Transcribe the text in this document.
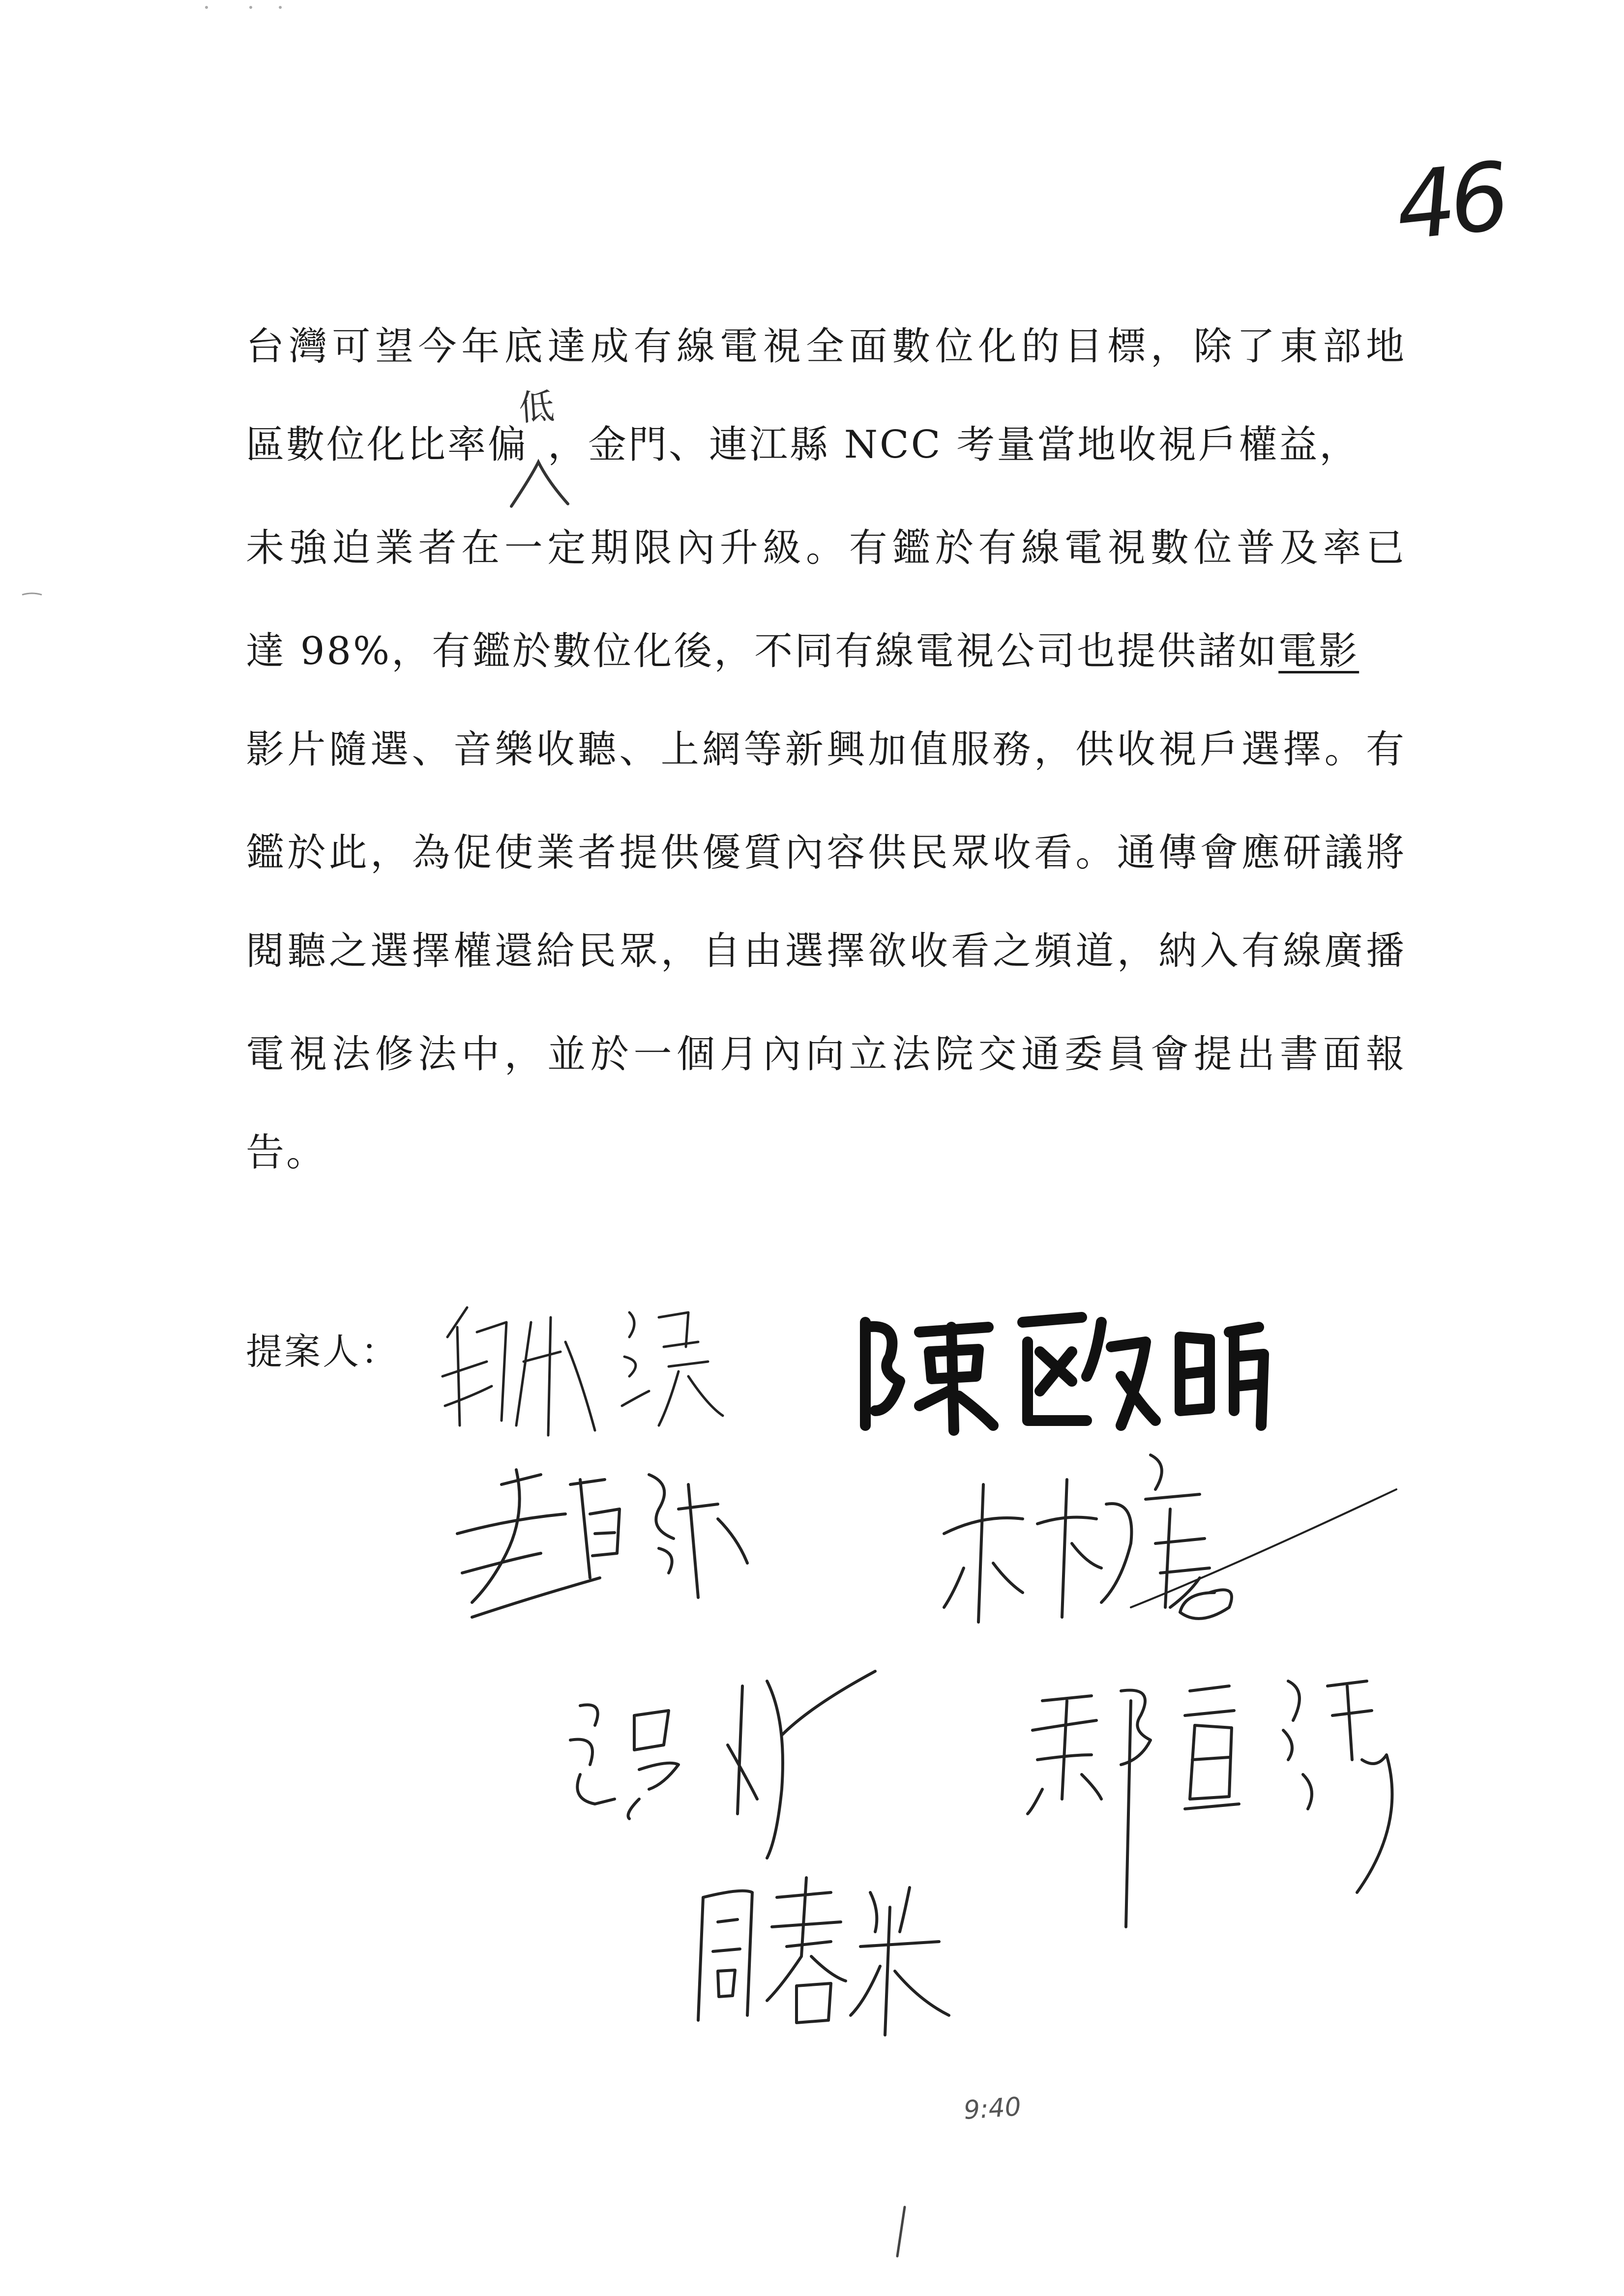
46
台灣可望今年底達成有線電視全面數位化的目標，除了東部地
區數位化比率偏 ，金門、連江縣 NCC 考量當地收視戶權益，
低
未強迫業者在一定期限內升級。有鑑於有線電視數位普及率已
達 98%，有鑑於數位化後，不同有線電視公司也提供諸如電影
影片隨選、音樂收聽、上網等新興加值服務，供收視戶選擇。有
鑑於此，為促使業者提供優質內容供民眾收看。通傳會應研議將
閱聽之選擇權還給民眾，自由選擇欲收看之頻道，納入有線廣播
電視法修法中，並於一個月內向立法院交通委員會提出書面報
告。
提案人：
9:40
